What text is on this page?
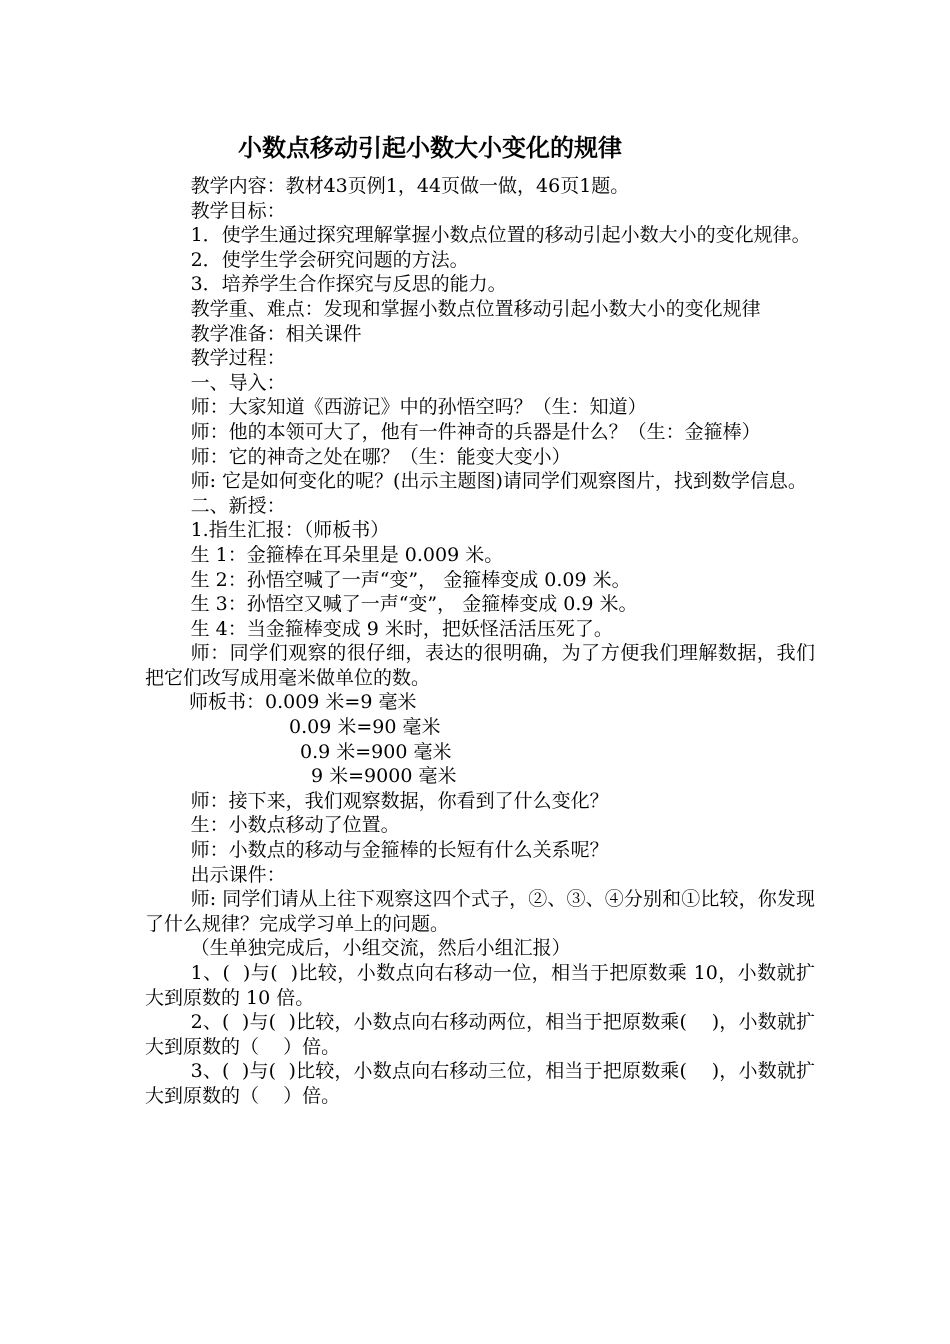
小数点移动引起小数大小变化的规律

教学内容：教材43页例1，44页做一做，46页1题。

教学目标：

1．使学生通过探究理解掌握小数点位置的移动引起小数大小的变化规律。

2．使学生学会研究问题的方法。

3．培养学生合作探究与反思的能力。

教学重、难点：发现和掌握小数点位置移动引起小数大小的变化规律

教学准备：相关课件

教学过程：

一、导入：

师：大家知道《西游记》中的孙悟空吗？（生：知道）

师：他的本领可大了，他有一件神奇的兵器是什么？（生：金箍棒）

师：它的神奇之处在哪？（生：能变大变小）

师: 它是如何变化的呢？(出示主题图)请同学们观察图片，找到数学信息。

二、新授：

1.指生汇报：（师板书）

生 1：金箍棒在耳朵里是 0.009 米。

生 2：孙悟空喊了一声“变”， 金箍棒变成 0.09 米。

生 3：孙悟空又喊了一声“变”， 金箍棒变成 0.9 米。

生 4：当金箍棒变成 9 米时，把妖怪活活压死了。

师：同学们观察的很仔细，表达的很明确，为了方便我们理解数据，我们把它们改写成用毫米做单位的数。

师板书：0.009 米=9 毫米

0.09 米=90 毫米

0.9 米=900 毫米

9 米=9000 毫米

师：接下来，我们观察数据，你看到了什么变化？

生：小数点移动了位置。

师：小数点的移动与金箍棒的长短有什么关系呢？

出示课件：

师: 同学们请从上往下观察这四个式子，②、③、④分别和①比较，你发现了什么规律？完成学习单上的问题。

（生单独完成后，小组交流，然后小组汇报）

1、(  )与(  )比较，小数点向右移动一位，相当于把原数乘 10，小数就扩大到原数的 10 倍。

2、(  )与(  )比较，小数点向右移动两位，相当于把原数乘(    )，小数就扩大到原数的（    ）倍。

3、(  )与(  )比较，小数点向右移动三位，相当于把原数乘(    )，小数就扩大到原数的（    ）倍。
